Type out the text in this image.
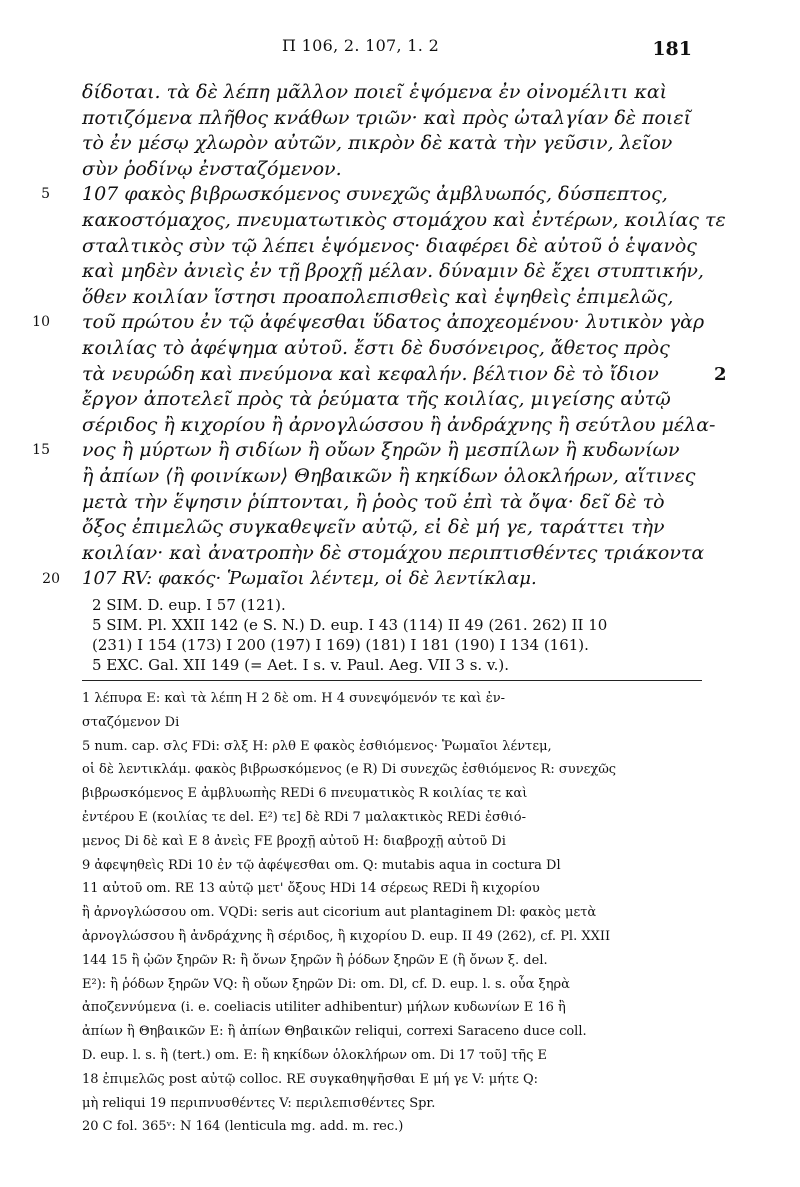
Π 106, 2. 107, 1. 2	181
δίδοται. τὰ δὲ λέπη μᾶλλον ποιεῖ ἑψόμενα ἐν οἰνομέλιτι καὶ
ποτιζόμενα πλῆθος κνάθων τριῶν· καὶ πρὸς ὠταλγίαν δὲ ποιεῖ
τὸ ἐν μέσῳ χλωρὸν αὐτῶν, πικρὸν δὲ κατὰ τὴν γεῦσιν, λεῖον
σὺν ῥοδίνῳ ἐνσταζόμενον.
5 107 φακὸς βιβρωσκόμενος συνεχῶς ἀμβλυωπός, δύσπεπτος,
κακοστόμαχος, πνευματωτικὸς στομάχου καὶ ἐντέρων, κοιλίας τε
σταλτικὸς σὺν τῷ λέπει ἑψόμενος· διαφέρει δὲ αὐτοῦ ὁ ἑψανὸς
καὶ μηδὲν ἀνιεὶς ἐν τῇ βροχῇ μέλαν. δύναμιν δὲ ἔχει στυπτικήν,
ὅθεν κοιλίαν ἵστησι προαπολεπισθεὶς καὶ ἑψηθεὶς ἐπιμελῶς,
10 τοῦ πρώτου ἐν τῷ ἀφέψεσθαι ὕδατος ἀποχεομένου· λυτικὸν γὰρ
κοιλίας τὸ ἀφέψημα αὐτοῦ. ἔστι δὲ δυσόνειρος, ἄθετος πρὸς
τὰ νευρώδη καὶ πνεύμονα καὶ κεφαλήν. βέλτιον δὲ τὸ ἴδιον
ἔργον ἀποτελεῖ πρὸς τὰ ῥεύματα τῆς κοιλίας, μιγείσης αὐτῷ
σέριδος ἢ κιχορίου ἢ ἀρνογλώσσου ἢ ἀνδράχνης ἢ σεύτλου μέλα-
15 νος ἢ μύρτων ἢ σιδίων ἢ οὔων ξηρῶν ἢ μεσπίλων ἢ κυδωνίων
ἢ ἀπίων ⟨ἢ φοινίκων⟩ Θηβαικῶν ἢ κηκίδων ὁλοκλήρων, αἵτινες
μετὰ τὴν ἕψησιν ῥίπτονται, ἢ ῥοὸς τοῦ ἐπὶ τὰ ὄψα· δεῖ δὲ τὸ
ὄξος ἐπιμελῶς συγκαθεψεῖν αὐτῷ, εἰ δὲ μή γε, ταράττει τὴν
κοιλίαν· καὶ ἀνατροπὴν δὲ στομάχου περιπτισθέντες τριάκοντα
2
20 107 RV: φακός· Ῥωμαῖοι λέντεμ, οἱ δὲ λεντίκλαμ.
2 SIM. D. eup. I 57 (121).
5 SIM. Pl. XXII 142 (e S. N.) D. eup. I 43 (114) II 49 (261. 262) II 10
(231) I 154 (173) I 200 (197) I 169) (181) I 181 (190) I 134 (161).
5 EXC. Gal. XII 149 (= Aet. I s. v. Paul. Aeg. VII 3 s. v.).
1 λέπυρα E: καὶ τὰ λέπη H 2 δὲ om. H 4 συνεψόμενόν τε καὶ ἐν-
σταζόμενον Di
5 num. cap. σλϛ FDi: σλξ H: ρλθ E φακὸς ἐσθιόμενος· Ῥωμαῖοι λέντεμ,
οἱ δὲ λεντικλάμ. φακὸς βιβρωσκόμενος (e R) Di συνεχῶς ἐσθιόμενος R: συνεχῶς
βιβρωσκόμενος E ἀμβλυωπὴς REDi 6 πνευματικὸς R κοιλίας τε καὶ
ἐντέρου E (κοιλίας τε del. E²) τε] δὲ RDi 7 μαλακτικὸς REDi ἐσθιό-
μενος Di δὲ καὶ E 8 ἀνεὶς FE βροχῇ αὐτοῦ H: διαβροχῇ αὐτοῦ Di
9 ἀφεψηθεὶς RDi 10 ἐν τῷ ἀφέψεσθαι om. Q: mutabis aqua in coctura Dl
11 αὐτοῦ om. RE 13 αὐτῷ μετ' ὄξους HDi 14 σέρεως REDi ἢ κιχορίου
ἢ ἀρνογλώσσου om. VQDi: seris aut cicorium aut plantaginem Dl: φακὸς μετὰ
ἀρνογλώσσου ἢ ἀνδράχνης ἢ σέριδος, ἢ κιχορίου D. eup. II 49 (262), cf. Pl. XXII
144 15 ἢ ᾠῶν ξηρῶν R: ἢ ὄνων ξηρῶν ἢ ῥόδων ξηρῶν E (ἢ ὄνων ξ. del.
E²): ἢ ῥόδων ξηρῶν VQ: ἢ οὔων ξηρῶν Di: om. Dl, cf. D. eup. l. s. οὖα ξηρὰ
ἀποζεννύμενα (i. e. coeliacis utiliter adhibentur) μήλων κυδωνίων E 16 ἢ
ἀπίων ἢ Θηβαικῶν E: ἢ ἀπίων Θηβαικῶν reliqui, correxi Saraceno duce coll.
D. eup. l. s. ἢ (tert.) om. E: ἢ κηκίδων ὁλοκλήρων om. Di 17 τοῦ] τῆς E
18 ἐπιμελῶς post αὐτῷ colloc. RE συγκαθηψῆσθαι E μή γε V: μήτε Q:
μὴ reliqui 19 περιπνυσθέντες V: περιλεπισθέντες Spr.
20 C fol. 365ᵛ: N 164 (lenticula mg. add. m. rec.)
